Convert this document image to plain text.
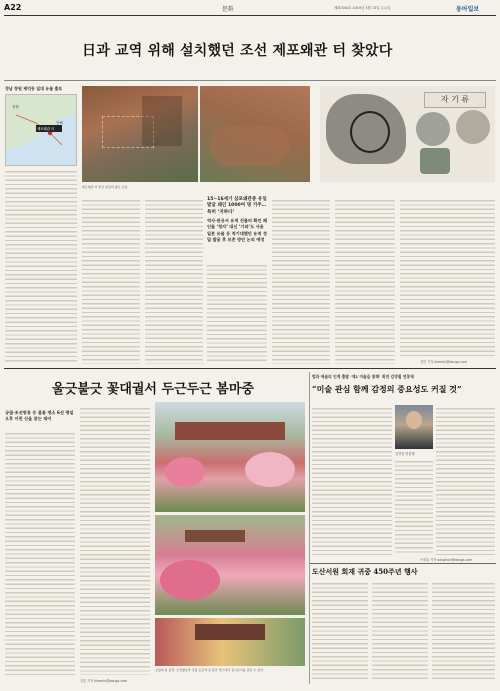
A22	문화	제30344호 2019년 3월 13일 수요일	동아일보
日과 교역 위해 설치했던 조선 제포왜관 터 찾았다
경남 창원 제덕동 일대 유물 출토
창원
진해
제포왜관 터
자 기 류
제포왜관 터 발굴 현장과 출토 유물.
15~16세기 삼포왜관중 유일 발굴 왜인 1000여 명 거주… 특히 ‘지하다’
역사·관공서 유적 건물터 확인 왜인들 ‘청자’ 대신 ‘기와’도 사용 일본 유물 등 적기대했던 유적 정밀 발굴 후 보존 방안 논의 예정
김민 기자 kimmin@donga.com
울긋불긋 꽃대궐서 두근두근 봄마중
궁궐·조선왕릉 등 봄꽃 명소 6선 평일 오후 이런 산을 찾는 재미
김민 기자 kimmin@donga.com
궁궐의 봄 풍경. 조선왕릉과 궁궐 곳곳에 핀 봄꽃 명소에서 봄나들이를 즐길 수 있다.
범과 애술의 인계 출발 ‘제1 미술을 통해’ 최연 김영철 연봉제
“미술 관심 함께 감정의 중요성도 커질 것”
김영철 연봉제
이상훈 기자 sanghun@donga.com
도산서원 회재 귀중 450주년 행사
